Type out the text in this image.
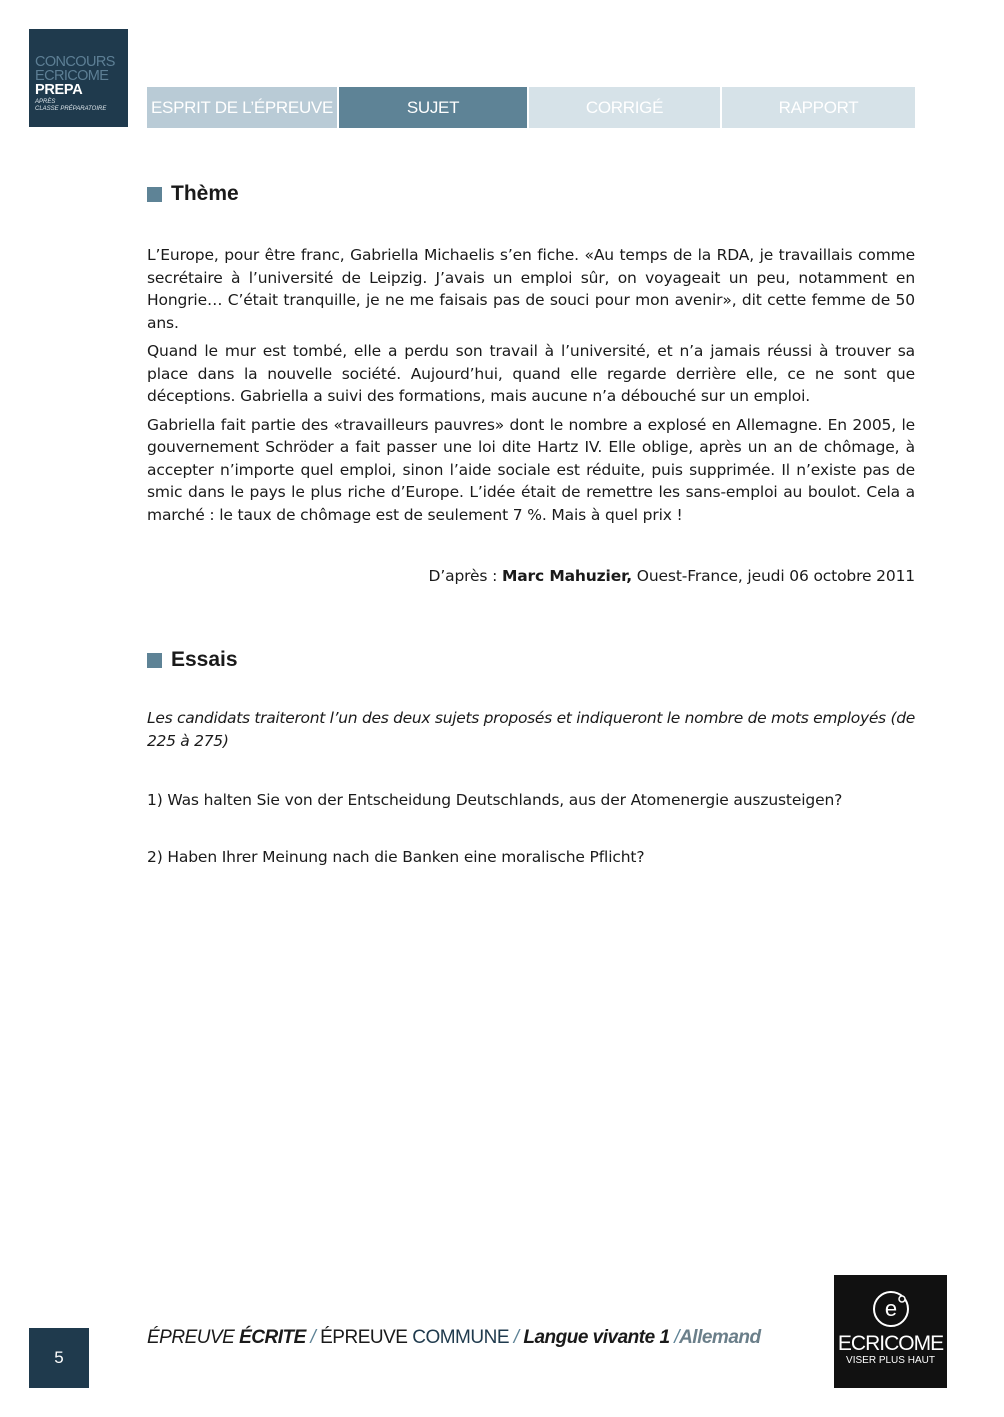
CONCOURS
ECRICOME
PREPA
APRÈS
CLASSE PRÉPARATOIRE	ESPRIT DE L’ÉPREUVE	SUJET	CORRIGÉ	RAPPORT
Thème

L’Europe, pour être franc, Gabriella Michaelis s’en fiche. «Au temps de la RDA, je travaillais comme secrétaire à l’université de Leipzig. J’avais un emploi sûr, on voyageait un peu, notamment en Hongrie… C’était tranquille, je ne me faisais pas de souci pour mon avenir», dit cette femme de 50 ans.

Quand le mur est tombé, elle a perdu son travail à l’université, et n’a jamais réussi à trouver sa place dans la nouvelle société. Aujourd’hui, quand elle regarde derrière elle, ce ne sont que déceptions. Gabriella a suivi des formations, mais aucune n’a débouché sur un emploi.

Gabriella fait partie des «travailleurs pauvres» dont le nombre a explosé en Allemagne. En 2005, le gouvernement Schröder a fait passer une loi dite Hartz IV. Elle oblige, après un an de chômage, à accepter n’importe quel emploi, sinon l’aide sociale est réduite, puis supprimée. Il n’existe pas de smic dans le pays le plus riche d’Europe. L’idée était de remettre les sans-emploi au boulot. Cela a marché : le taux de chômage est de seulement 7 %. Mais à quel prix !

D’après : Marc Mahuzier, Ouest-France, jeudi 06 octobre 2011
Essais
Les candidats traiteront l’un des deux sujets proposés et indiqueront le nombre de mots employés (de 225 à 275)
1) Was halten Sie von der Entscheidung Deutschlands, aus der Atomenergie auszusteigen?
2) Haben Ihrer Meinung nach die Banken eine moralische Pflicht?
5
ÉPREUVE ÉCRITE / ÉPREUVE COMMUNE / Langue vivante 1 /Allemand
e
ECRICOME
VISER PLUS HAUT
